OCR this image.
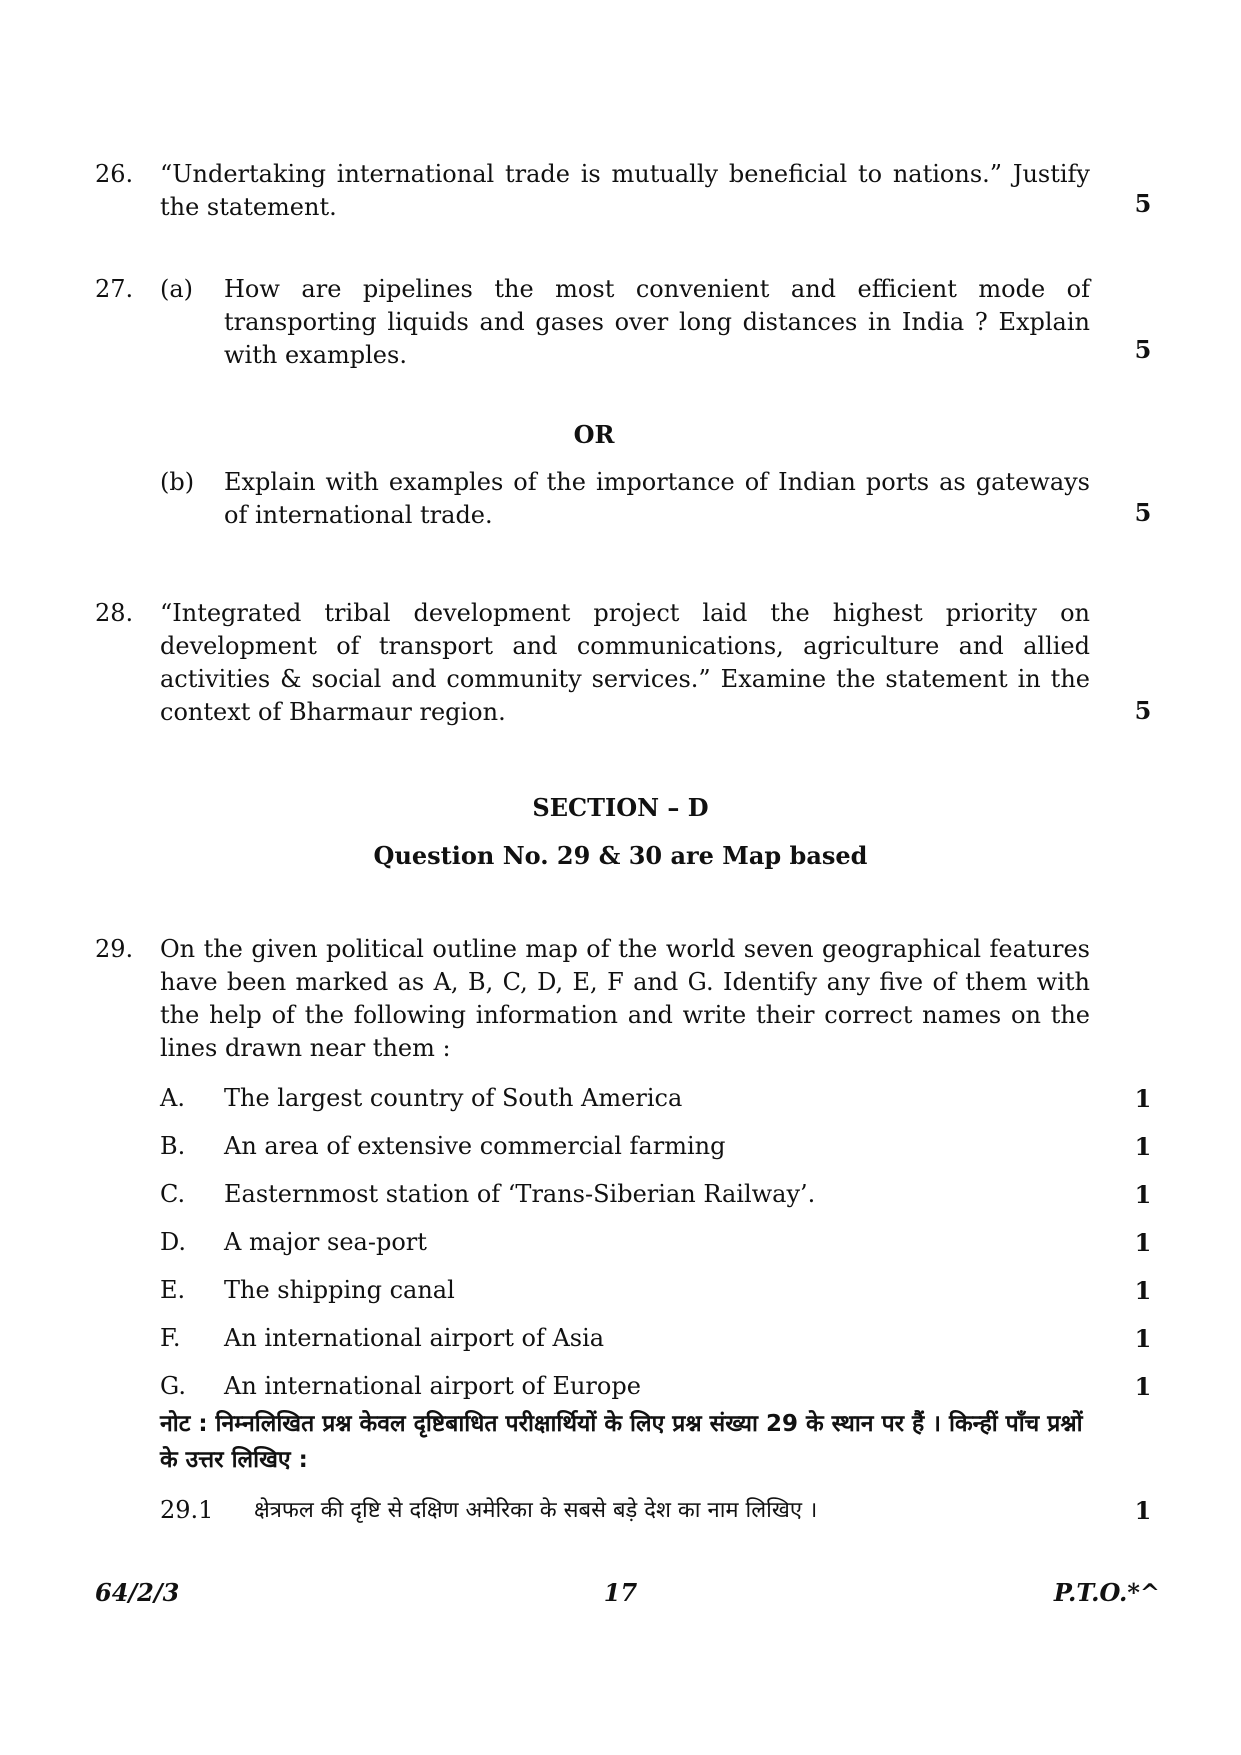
26. “Undertaking international trade is mutually beneficial to nations.” Justify the statement.	5
27. (a) How are pipelines the most convenient and efficient mode of transporting liquids and gases over long distances in India ? Explain with examples.	5
OR
(b) Explain with examples of the importance of Indian ports as gateways of international trade.	5
28. “Integrated tribal development project laid the highest priority on development of transport and communications, agriculture and allied activities & social and community services.” Examine the statement in the context of Bharmaur region.	5
SECTION – D
Question No. 29 & 30 are Map based
29. On the given political outline map of the world seven geographical features have been marked as A, B, C, D, E, F and G. Identify any five of them with the help of the following information and write their correct names on the lines drawn near them :
A. The largest country of South America	1
B. An area of extensive commercial farming	1
C. Easternmost station of ‘Trans-Siberian Railway’.	1
D. A major sea-port	1
E. The shipping canal	1
F. An international airport of Asia	1
G. An international airport of Europe	1
नोट : निम्नलिखित प्रश्न केवल दृष्टिबाधित परीक्षार्थियों के लिए प्रश्न संख्या 29 के स्थान पर हैं । किन्हीं पाँच प्रश्नों के उत्तर लिखिए :
29.1 क्षेत्रफल की दृष्टि से दक्षिण अमेरिका के सबसे बड़े देश का नाम लिखिए ।	1
64/2/3	17	P.T.O.*^
